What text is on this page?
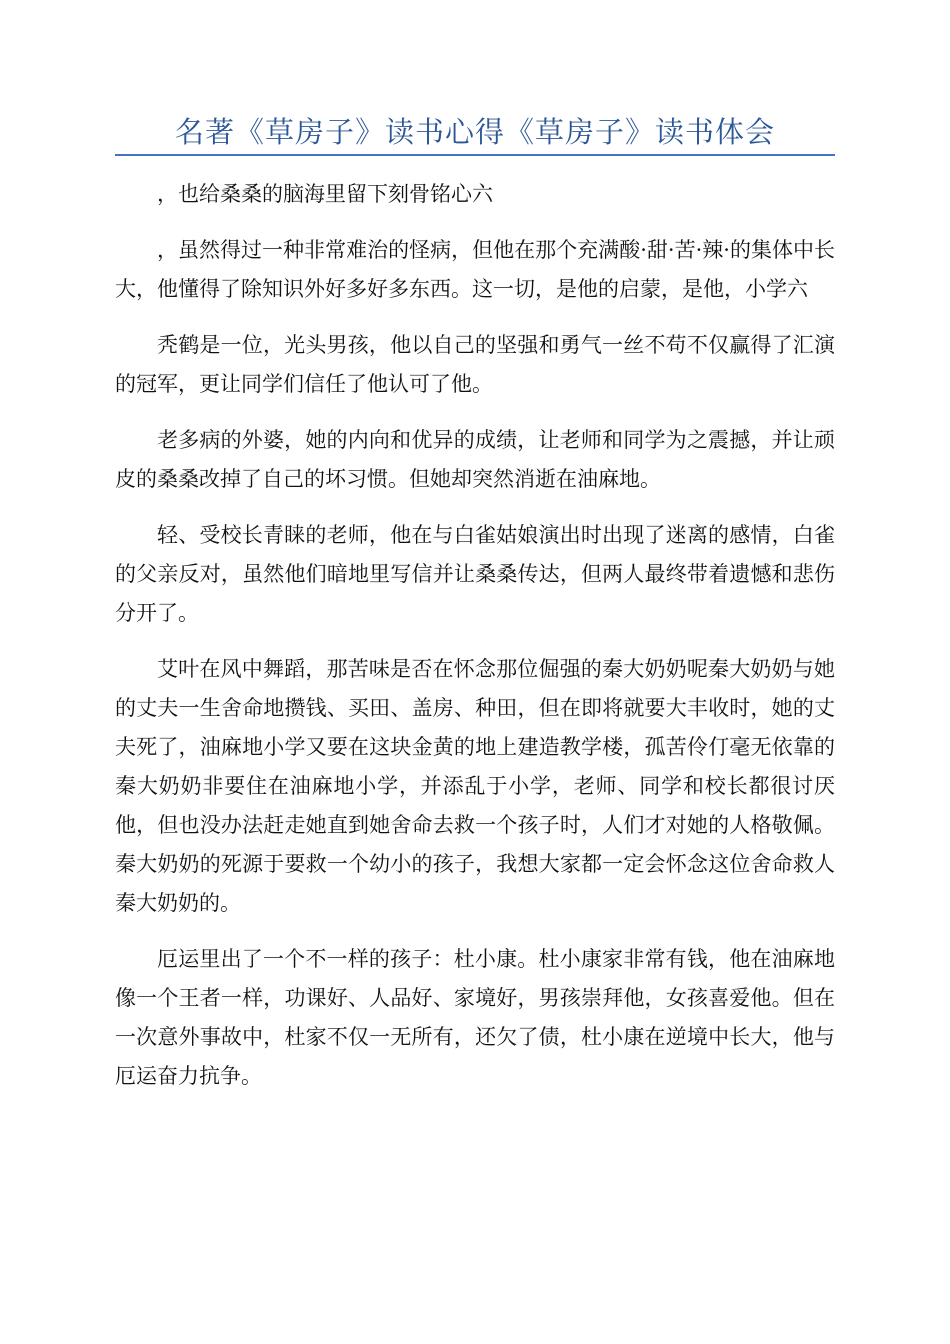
名著《草房子》读书心得《草房子》读书体会

，也给桑桑的脑海里留下刻骨铭心六

，虽然得过一种非常难治的怪病，但他在那个充满酸·甜·苦·辣·的集体中长大，他懂得了除知识外好多好多东西。这一切，是他的启蒙，是他，小学六

秃鹤是一位，光头男孩，他以自己的坚强和勇气一丝不苟不仅赢得了汇演的冠军，更让同学们信任了他认可了他。

老多病的外婆，她的内向和优异的成绩，让老师和同学为之震撼，并让顽皮的桑桑改掉了自己的坏习惯。但她却突然消逝在油麻地。

轻、受校长青睐的老师，他在与白雀姑娘演出时出现了迷离的感情，白雀的父亲反对，虽然他们暗地里写信并让桑桑传达，但两人最终带着遗憾和悲伤分开了。

艾叶在风中舞蹈，那苦味是否在怀念那位倔强的秦大奶奶呢秦大奶奶与她的丈夫一生舍命地攒钱、买田、盖房、种田，但在即将就要大丰收时，她的丈夫死了，油麻地小学又要在这块金黄的地上建造教学楼，孤苦伶仃毫无依靠的秦大奶奶非要住在油麻地小学，并添乱于小学，老师、同学和校长都很讨厌他，但也没办法赶走她直到她舍命去救一个孩子时，人们才对她的人格敬佩。秦大奶奶的死源于要救一个幼小的孩子，我想大家都一定会怀念这位舍命救人秦大奶奶的。

厄运里出了一个不一样的孩子：杜小康。杜小康家非常有钱，他在油麻地像一个王者一样，功课好、人品好、家境好，男孩崇拜他，女孩喜爱他。但在一次意外事故中，杜家不仅一无所有，还欠了债，杜小康在逆境中长大，他与厄运奋力抗争。
